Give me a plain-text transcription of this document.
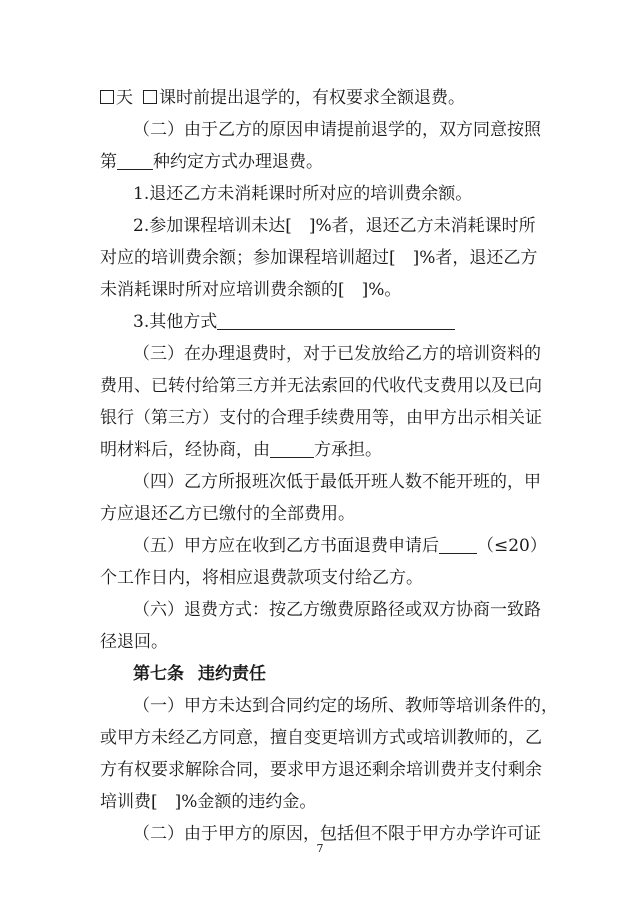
天 课时前提出退学的，有权要求全额退费。
（二）由于乙方的原因申请提前退学的，双方同意按照
第 种约定方式办理退费。
1.退还乙方未消耗课时所对应的培训费余额。
2.参加课程培训未达[　]%者，退还乙方未消耗课时所
对应的培训费余额；参加课程培训超过[　]%者，退还乙方
未消耗课时所对应培训费余额的[　]%。
3.其他方式
（三）在办理退费时，对于已发放给乙方的培训资料的
费用、已转付给第三方并无法索回的代收代支费用以及已向
银行（第三方）支付的合理手续费用等，由甲方出示相关证
明材料后，经协商，由	方承担。
（四）乙方所报班次低于最低开班人数不能开班的，甲
方应退还乙方已缴付的全部费用。
（五）甲方应在收到乙方书面退费申请后 （≤20）
个工作日内，将相应退费款项支付给乙方。
（六）退费方式：按乙方缴费原路径或双方协商一致路
径退回。
第七条 违约责任
（一）甲方未达到合同约定的场所、教师等培训条件的，
或甲方未经乙方同意，擅自变更培训方式或培训教师的，乙
方有权要求解除合同，要求甲方退还剩余培训费并支付剩余
培训费[　]%金额的违约金。
（二）由于甲方的原因，包括但不限于甲方办学许可证
7
